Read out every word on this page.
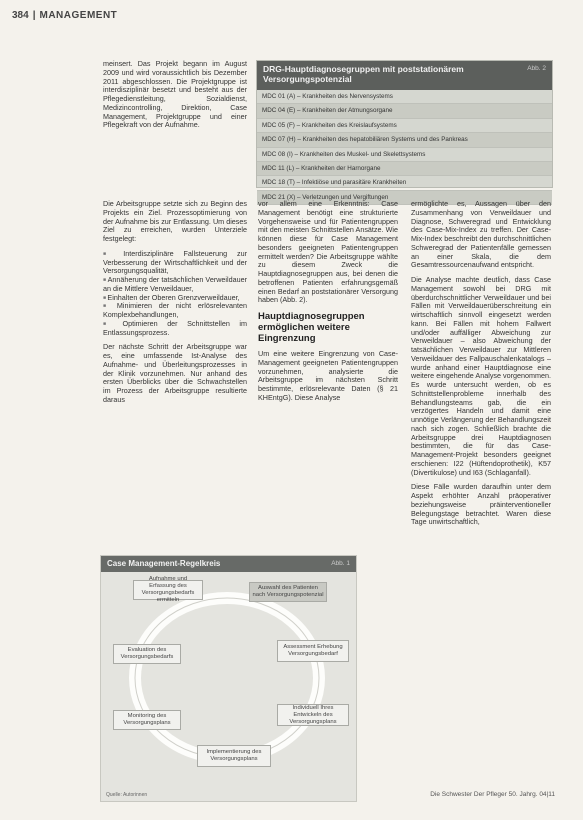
384 | MANAGEMENT

meinsert. Das Projekt begann im August 2009 und wird voraussichtlich bis Dezember 2011 abgeschlossen. Die Projektgruppe ist interdisziplinär besetzt und besteht aus der Pflegedienstleitung, Sozialdienst, Medizincontrolling, Direktion, Case Management, Projektgruppe und einer Pflegekraft von der Aufnahme.

Die Arbeitsgruppe setzte sich zu Beginn des Projekts ein Ziel. Prozessoptimierung von der Aufnahme bis zur Entlassung. Um dieses Ziel zu erreichen, wurden Unterziele festgelegt:

■ Interdisziplinäre Fallsteuerung zur Verbesserung der Wirtschaftlichkeit und der Versorgungsqualität,

■ Annäherung der tatsächlichen Verweildauer an die Mittlere Verweildauer,

■ Einhalten der Oberen Grenzverweildauer,

■ Minimieren der nicht erlösrelevanten Komplexbehandlungen,

■ Optimieren der Schnittstellen im Entlassungsprozess.

Der nächste Schritt der Arbeitsgruppe war es, eine umfassende Ist-Analyse des Aufnahme- und Überleitungsprozesses in der Klinik vorzunehmen. Nur anhand des ersten Überblicks über die Schwachstellen im Prozess der Arbeitsgruppe resultierte daraus

DRG-Hauptdiagnosegruppen mit poststationärem Versorgungspotenzial
Abb. 2
MDC 01 (A) – Krankheiten des Nervensystems
MDC 04 (E) – Krankheiten der Atmungsorgane
MDC 05 (F) – Krankheiten des Kreislaufsystems
MDC 07 (H) – Krankheiten des hepatobiliären Systems und des Pankreas
MDC 08 (I) – Krankheiten des Muskel- und Skelettsystems
MDC 11 (L) – Krankheiten der Harnorgane
MDC 18 (T) – Infektiöse und parasitäre Krankheiten
MDC 21 (X) – Verletzungen und Vergiftungen

vor allem eine Erkenntnis: Case Management benötigt eine strukturierte Vorgehensweise und für Patientengruppen mit den meisten Schnittstellen Ansätze. Wie können diese für Case Management besonders geeigneten Patientengruppen ermittelt werden? Die Arbeitsgruppe wählte zu diesem Zweck die Hauptdiagnosegruppen aus, bei denen die betroffenen Patienten erfahrungsgemäß einen Bedarf an poststationärer Versorgung haben (Abb. 2).

Hauptdiagnosegruppen ermöglichen weitere Eingrenzung

Um eine weitere Eingrenzung von Case-Management geeigneten Patientengruppen vorzunehmen, analysierte die Arbeitsgruppe im nächsten Schritt bestimmte, erlösrelevante Daten (§ 21 KHEntgG). Diese Analyse

ermöglichte es, Aussagen über den Zusammenhang von Verweildauer und Diagnose, Schweregrad und Entwicklung des Case-Mix-Index zu treffen. Der Case-Mix-Index beschreibt den durchschnittlichen Schweregrad der Patientenfälle gemessen an einer Skala, die dem Gesamtressourcenaufwand entspricht.

Die Analyse machte deutlich, dass Case Management sowohl bei DRG mit überdurchschnittlicher Verweildauer und bei Fällen mit Verweildauerüberschreitung ein wirtschaftlich sinnvoll eingesetzt werden kann. Bei Fällen mit hohem Fallwert und/oder auffälliger Abweichung zur Verweildauer – also Abweichung der tatsächlichen Verweildauer zur Mittleren Verweildauer des Fallpauschalenkatalogs – wurde anhand einer Hauptdiagnose eine weitere eingehende Analyse vorgenommen. Es wurde untersucht werden, ob es Schnittstellenprobleme innerhalb des Behandlungsteams gab, die ein verzögertes Handeln und damit eine unnötige Verlängerung der Behandlungszeit nach sich zogen. Schließlich brachte die Arbeitsgruppe drei Hauptdiagnosen bestimmten, die für das Case-Management-Projekt besonders geeignet erschienen: I22 (Hüftendoprothetik), K57 (Divertikulose) und I63 (Schlaganfall).

Diese Fälle wurden daraufhin unter dem Aspekt erhöhter Anzahl präoperativer beziehungsweise präinterventioneller Belegungstage betrachtet. Waren diese Tage unwirtschaftlich,

Case Management-Regelkreis	Abb. 1
Aufnahme und Erfassung des Versorgungsbedarfs ermitteln
Auswahl des Patienten nach Versorgungspotenzial
Assessment Erhebung Versorgungsbedarf
Individuell Ihres Entwickeln des Versorgungsplans
Implementierung des Versorgungsplans
Monitoring des Versorgungsplans
Evaluation des Versorgungsbedarfs
Quelle: Autorinnen	Die Schwester Der Pfleger 50. Jahrg. 04|11
